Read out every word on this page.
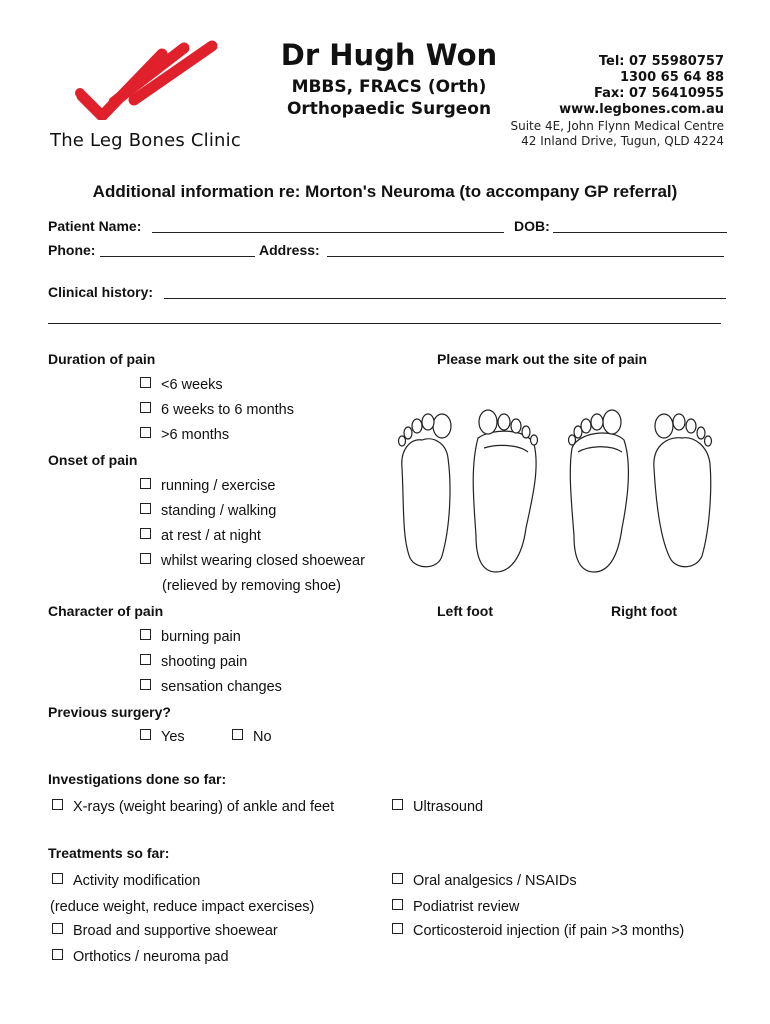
The Leg Bones Clinic
Dr Hugh Won
MBBS, FRACS (Orth)
Orthopaedic Surgeon
Tel: 07 55980757
1300 65 64 88
Fax: 07 56410955
www.legbones.com.au
Suite 4E, John Flynn Medical Centre
42 Inland Drive, Tugun, QLD 4224
Additional information re: Morton's Neuroma (to accompany GP referral)
Patient Name:	DOB:
Phone:	Address:
Clinical history:
Duration of pain
<6 weeks
6 weeks to 6 months
>6 months
Onset of pain
running / exercise
standing / walking
at rest / at night
whilst wearing closed shoewear
(relieved by removing shoe)
Character of pain
burning pain
shooting pain
sensation changes
Previous surgery?
Yes	No
Please mark out the site of pain
Left foot	Right foot
Investigations done so far:
X-rays (weight bearing) of ankle and feet	Ultrasound
Treatments so far:
Activity modification
(reduce weight, reduce impact exercises)
Broad and supportive shoewear
Orthotics / neuroma pad
Oral analgesics / NSAIDs
Podiatrist review
Corticosteroid injection (if pain >3 months)
